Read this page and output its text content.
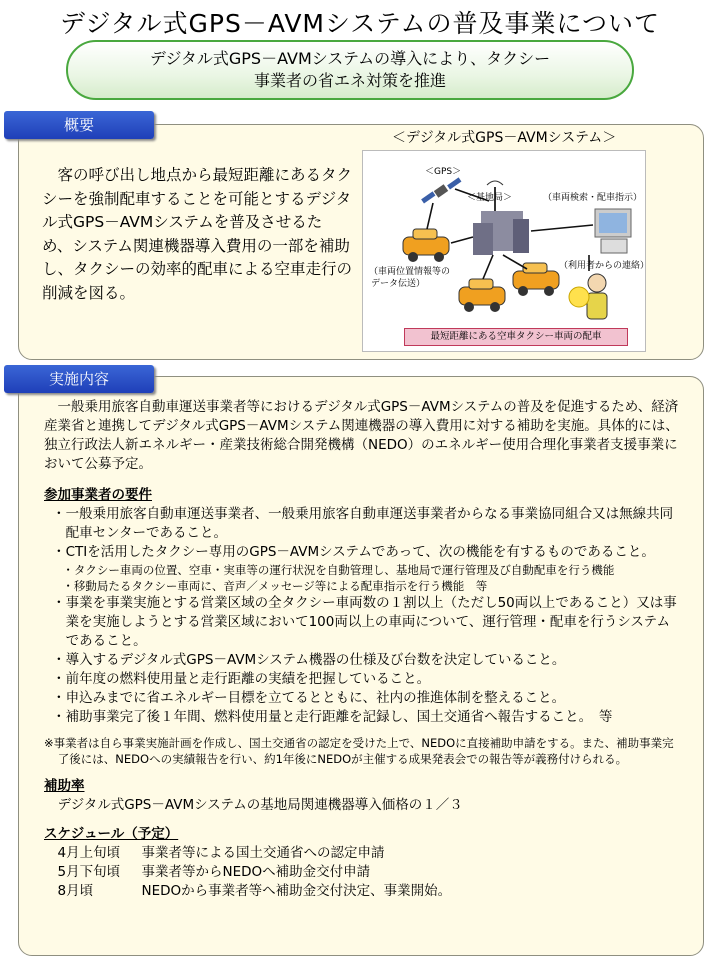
デジタル式GPS－AVMシステムの普及事業について
デジタル式GPS－AVMシステムの導入により、タクシー
事業者の省エネ対策を推進
概要
＜デジタル式GPS－AVMシステム＞
客の呼び出し地点から最短距離にあるタクシーを強制配車することを可能とするデジタル式GPS－AVMシステムを普及させるため、システム関連機器導入費用の一部を補助し、タクシーの効率的配車による空車走行の削減を図る。
＜GPS＞
＜基地局＞	（車両検索・配車指示）
（車両位置情報等の
データ伝送）
（利用者からの連絡）
最短距離にある空車タクシー車両の配車
実施内容
一般乗用旅客自動車運送事業者等におけるデジタル式GPS－AVMシステムの普及を促進するため、経済産業省と連携してデジタル式GPS－AVMシステム関連機器の導入費用に対する補助を実施。具体的には、独立行政法人新エネルギー・産業技術総合開発機構（NEDO）のエネルギー使用合理化事業者支援事業において公募予定。
参加事業者の要件
・一般乗用旅客自動車運送事業者、一般乗用旅客自動車運送事業者からなる事業協同組合又は無線共同配車センターであること。
・CTIを活用したタクシー専用のGPS－AVMシステムであって、次の機能を有するものであること。
・タクシー車両の位置、空車・実車等の運行状況を自動管理し、基地局で運行管理及び自動配車を行う機能
・移動局たるタクシー車両に、音声／メッセージ等による配車指示を行う機能　等
・事業を事業実施とする営業区域の全タクシー車両数の１割以上（ただし50両以上であること）又は事業を実施しようとする営業区域において100両以上の車両について、運行管理・配車を行うシステムであること。
・導入するデジタル式GPS－AVMシステム機器の仕様及び台数を決定していること。
・前年度の燃料使用量と走行距離の実績を把握していること。
・申込みまでに省エネルギー目標を立てるとともに、社内の推進体制を整えること。
・補助事業完了後１年間、燃料使用量と走行距離を記録し、国土交通省へ報告すること。　等
※事業者は自ら事業実施計画を作成し、国土交通省の認定を受けた上で、NEDOに直接補助申請をする。また、補助事業完了後には、NEDOへの実績報告を行い、約1年後にNEDOが主催する成果発表会での報告等が義務付けられる。
補助率
デジタル式GPS－AVMシステムの基地局関連機器導入価格の１／３
スケジュール（予定）
4月上旬頃	事業者等による国土交通省への認定申請
5月下旬頃	事業者等からNEDOへ補助金交付申請
8月頃	NEDOから事業者等へ補助金交付決定、事業開始。
